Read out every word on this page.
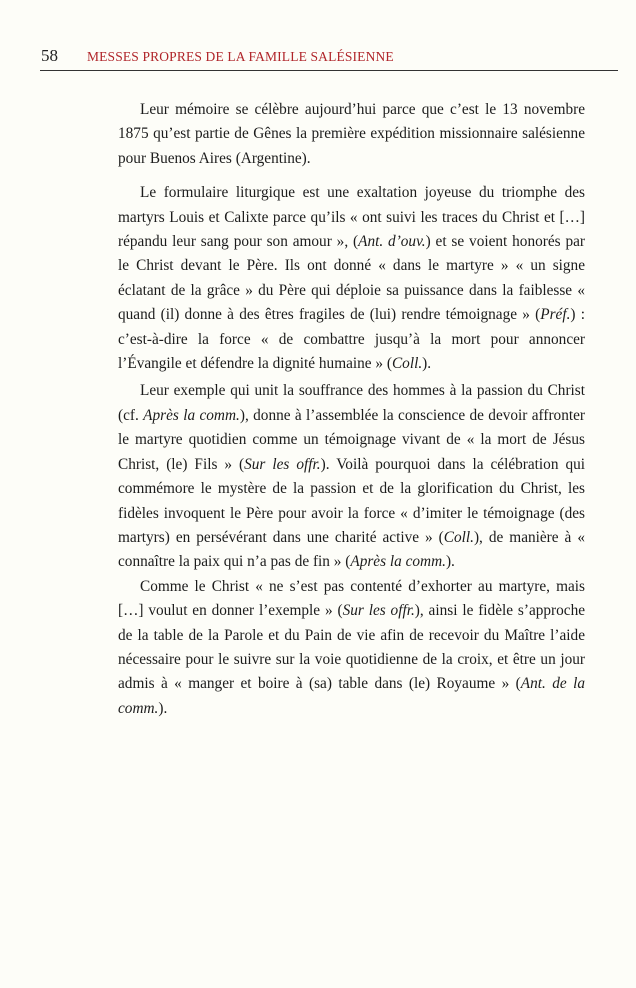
58 MESSES PROPRES DE LA FAMILLE SALÉSIENNE

Leur mémoire se célèbre aujourd’hui parce que c’est le 13 novembre 1875 qu’est partie de Gênes la première expédition missionnaire salésienne pour Buenos Aires (Argentine).

Le formulaire liturgique est une exaltation joyeuse du triomphe des martyrs Louis et Calixte parce qu’ils « ont suivi les traces du Christ et […] répandu leur sang pour son amour », (Ant. d’ouv.) et se voient honorés par le Christ devant le Père. Ils ont donné « dans le martyre » « un signe éclatant de la grâce » du Père qui déploie sa puissance dans la faiblesse « quand (il) donne à des êtres fragiles de (lui) rendre témoignage » (Préf.) : c’est-à-dire la force « de combattre jusqu’à la mort pour annoncer l’Évangile et défendre la dignité humaine » (Coll.).

Leur exemple qui unit la souffrance des hommes à la passion du Christ (cf. Après la comm.), donne à l’assemblée la conscience de devoir affronter le martyre quotidien comme un témoignage vivant de « la mort de Jésus Christ, (le) Fils » (Sur les offr.). Voilà pourquoi dans la célébration qui commémore le mystère de la passion et de la glorification du Christ, les fidèles invoquent le Père pour avoir la force « d’imiter le témoignage (des martyrs) en persévérant dans une charité active » (Coll.), de manière à « connaître la paix qui n’a pas de fin » (Après la comm.).

Comme le Christ « ne s’est pas contenté d’exhorter au martyre, mais […] voulut en donner l’exemple » (Sur les offr.), ainsi le fidèle s’approche de la table de la Parole et du Pain de vie afin de recevoir du Maître l’aide nécessaire pour le suivre sur la voie quotidienne de la croix, et être un jour admis à « manger et boire à (sa) table dans (le) Royaume » (Ant. de la comm.).
